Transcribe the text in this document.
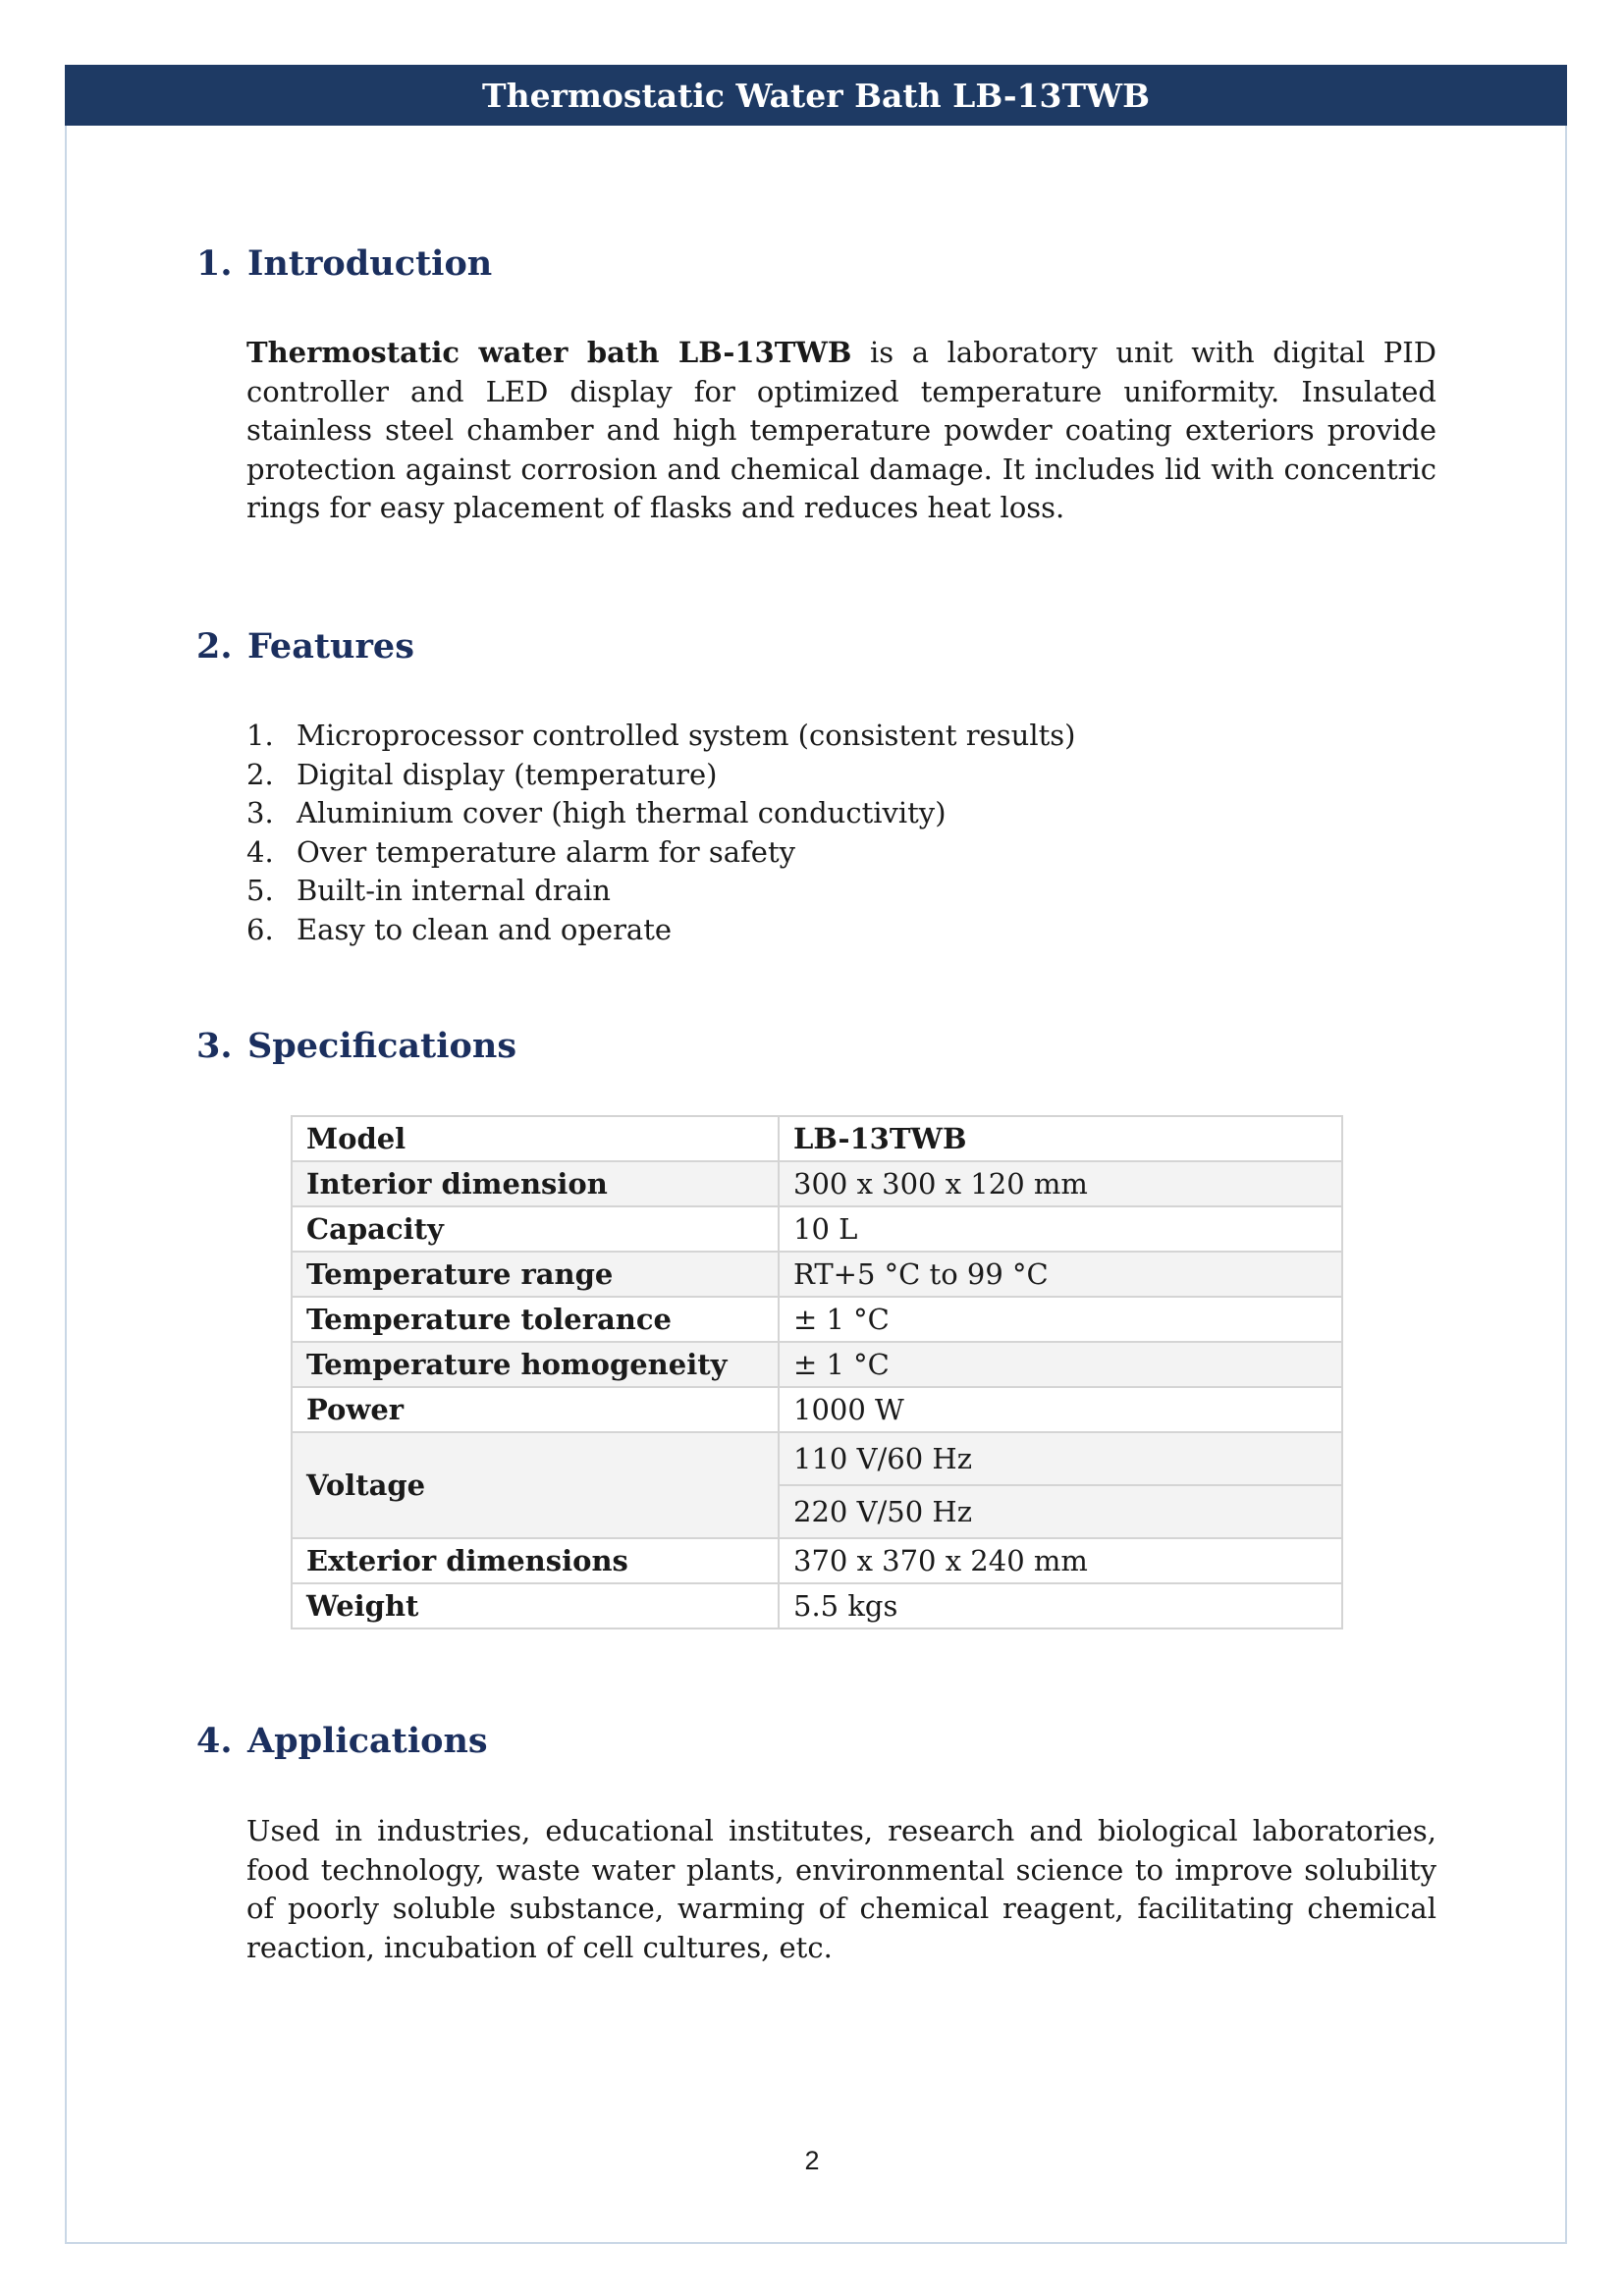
Thermostatic Water Bath LB-13TWB
1. Introduction

Thermostatic water bath LB-13TWB is a laboratory unit with digital PID controller and LED display for optimized temperature uniformity. Insulated stainless steel chamber and high temperature powder coating exteriors provide protection against corrosion and chemical damage. It includes lid with concentric rings for easy placement of flasks and reduces heat loss.

2. Features
1. Microprocessor controlled system (consistent results)
2. Digital display (temperature)
3. Aluminium cover (high thermal conductivity)
4. Over temperature alarm for safety
5. Built-in internal drain
6. Easy to clean and operate
3. Specifications
Model	LB-13TWB
Interior dimension	300 x 300 x 120 mm
Capacity	10 L
Temperature range	RT+5 °C to 99 °C
Temperature tolerance	± 1 °C
Temperature homogeneity	± 1 °C
Power	1000 W
Voltage	110 V/60 Hz
	220 V/50 Hz
Exterior dimensions	370 x 370 x 240 mm
Weight	5.5 kgs
4. Applications

Used in industries, educational institutes, research and biological laboratories, food technology, waste water plants, environmental science to improve solubility of poorly soluble substance, warming of chemical reagent, facilitating chemical reaction, incubation of cell cultures, etc.

2
